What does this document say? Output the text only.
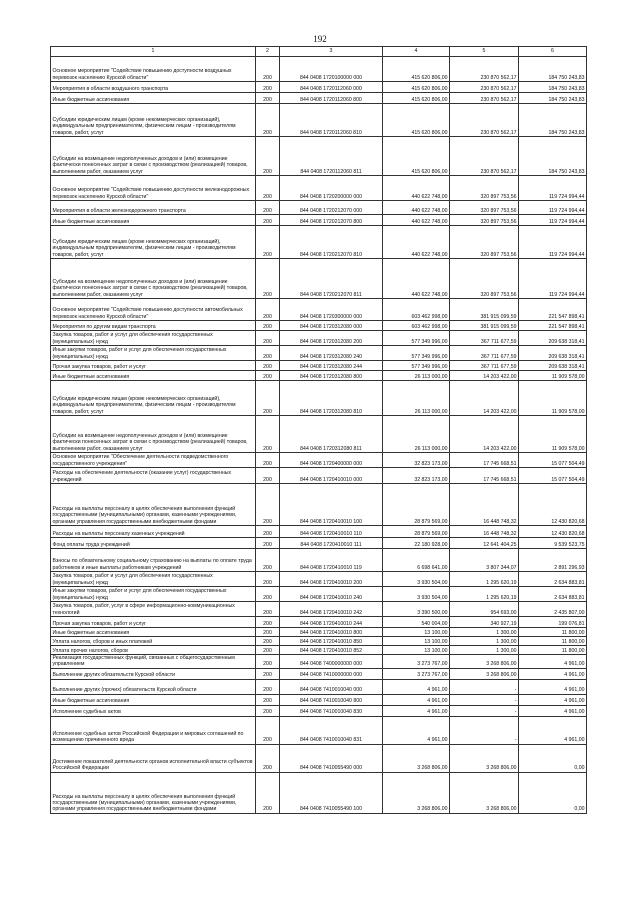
192
1	2	3	4	5	6
Основное мероприятие "Содействие повышению доступности воздушных перевозок населению Курской области"	200	844 0408 1720100000 000	415 620 806,00	230 870 562,17	184 750 243,83
Мероприятия в области воздушного транспорта	200	844 0408 1720112060 000	415 620 806,00	230 870 562,17	184 750 243,83
Иные бюджетные ассигнования	200	844 0408 1720112060 800	415 620 806,00	230 870 562,17	184 750 243,83
Субсидии юридическим лицам (кроме некоммерческих организаций), индивидуальным предпринимателям, физическим лицам - производителям товаров, работ, услуг	200	844 0408 1720112060 810	415 620 806,00	230 870 562,17	184 750 243,83
Субсидии на возмещение недополученных доходов и (или) возмещение фактически понесенных затрат в связи с производством (реализацией) товаров, выполнением работ, оказанием услуг	200	844 0408 1720112060 811	415 620 806,00	230 870 562,17	184 750 243,83
Основное мероприятие "Содействие повышению доступности железнодорожных перевозок населению Курской области"	200	844 0408 1720200000 000	440 622 748,00	320 897 753,56	119 724 994,44
Мероприятия в области железнодорожного транспорта	200	844 0408 1720212070 000	440 622 748,00	320 897 753,56	119 724 994,44
Иные бюджетные ассигнования	200	844 0408 1720212070 800	440 622 748,00	320 897 753,56	119 724 994,44
Субсидии юридическим лицам (кроме некоммерческих организаций), индивидуальным предпринимателям, физическим лицам - производителям товаров, работ, услуг	200	844 0408 1720212070 810	440 622 748,00	320 897 753,56	119 724 994,44
Субсидии на возмещение недополученных доходов и (или) возмещение фактически понесенных затрат в связи с производством (реализацией) товаров, выполнением работ, оказанием услуг	200	844 0408 1720212070 811	440 622 748,00	320 897 753,56	119 724 994,44
Основное мероприятие "Содействие повышению доступности автомобильных перевозок населению Курской области"	200	844 0408 1720300000 000	603 462 998,00	381 915 099,59	221 547 898,41
Мероприятия по другим видам транспорта	200	844 0408 1720312080 000	603 462 998,00	381 915 099,59	221 547 898,41
Закупка товаров, работ и услуг для обеспечения государственных (муниципальных) нужд	200	844 0408 1720312080 200	577 349 996,00	367 711 677,59	209 638 318,41
Иные закупки товаров, работ и услуг для обеспечения государственных (муниципальных) нужд	200	844 0408 1720312080 240	577 349 996,00	367 711 677,59	209 638 318,41
Прочая закупка товаров, работ и услуг	200	844 0408 1720312080 244	577 349 996,00	367 711 677,59	209 638 318,41
Иные бюджетные ассигнования	200	844 0408 1720312080 800	26 113 000,00	14 203 422,00	11 909 578,00
Субсидии юридическим лицам (кроме некоммерческих организаций), индивидуальным предпринимателям, физическим лицам - производителям товаров, работ, услуг	200	844 0408 1720312080 810	26 113 000,00	14 203 422,00	11 909 578,00
Субсидии на возмещение недополученных доходов и (или) возмещение фактически понесенных затрат в связи с производством (реализацией) товаров, выполнением работ, оказанием услуг	200	844 0408 1720312080 811	26 113 000,00	14 203 422,00	11 909 578,00
Основное мероприятие "Обеспечение деятельности подведомственного государственного учреждения"	200	844 0408 1720400000 000	32 823 173,00	17 745 668,51	15 077 504,49
Расходы на обеспечение деятельности (оказание услуг) государственных учреждений	200	844 0408 1720410010 000	32 823 173,00	17 745 668,51	15 077 504,49
Расходы на выплаты персоналу в целях обеспечения выполнения функций государственными (муниципальными) органами, казенными учреждениями, органами управления государственными внебюджетными фондами	200	844 0408 1720410010 100	28 879 569,00	16 448 748,32	12 430 820,68
Расходы на выплаты персоналу казенных учреждений	200	844 0408 1720410010 110	28 879 569,00	16 448 748,32	12 430 820,68
Фонд оплаты труда учреждений	200	844 0408 1720410010 111	22 180 928,00	12 641 404,25	9 539 523,75
Взносы по обязательному социальному страхованию на выплаты по оплате труда работников и иные выплаты работникам учреждений	200	844 0408 1720410010 119	6 698 641,00	3 807 344,07	2 891 296,93
Закупка товаров, работ и услуг для обеспечения государственных (муниципальных) нужд	200	844 0408 1720410010 200	3 930 504,00	1 295 620,19	2 634 883,81
Иные закупки товаров, работ и услуг для обеспечения государственных (муниципальных) нужд	200	844 0408 1720410010 240	3 930 504,00	1 295 620,19	2 634 883,81
Закупка товаров, работ, услуг в сфере информационно-коммуникационных технологий	200	844 0408 1720410010 242	3 390 500,00	954 693,00	2 435 807,00
Прочая закупка товаров, работ и услуг	200	844 0408 1720410010 244	540 004,00	340 927,19	199 076,81
Иные бюджетные ассигнования	200	844 0408 1720410010 800	13 100,00	1 300,00	11 800,00
Уплата налогов, сборов и иных платежей	200	844 0408 1720410010 850	13 100,00	1 300,00	11 800,00
Уплата прочих налогов, сборов	200	844 0408 1720410010 852	13 100,00	1 300,00	11 800,00
Реализация государственных функций, связанных с общегосударственным управлением	200	844 0408 7400000000 000	3 273 767,00	3 268 806,00	4 961,00
Выполнение других обязательств Курской области	200	844 0408 7410000000 000	3 273 767,00	3 268 806,00	4 961,00
Выполнение других (прочих) обязательств Курской области	200	844 0408 7410010040 000	4 961,00	-	4 961,00
Иные бюджетные ассигнования	200	844 0408 7410010040 800	4 961,00	-	4 961,00
Исполнение судебных актов	200	844 0408 7410010040 830	4 961,00	-	4 961,00
Исполнение судебных актов Российской Федерации и мировых соглашений по возмещению причиненного вреда	200	844 0408 7410010040 831	4 961,00	-	4 961,00
Достижение показателей деятельности органов исполнительной власти субъектов Российской Федерации	200	844 0408 7410055490 000	3 268 806,00	3 268 806,00	0,00
Расходы на выплаты персоналу в целях обеспечения выполнения функций государственными (муниципальными) органами, казенными учреждениями, органами управления государственными внебюджетными фондами	200	844 0408 7410055490 100	3 268 806,00	3 268 806,00	0,00
